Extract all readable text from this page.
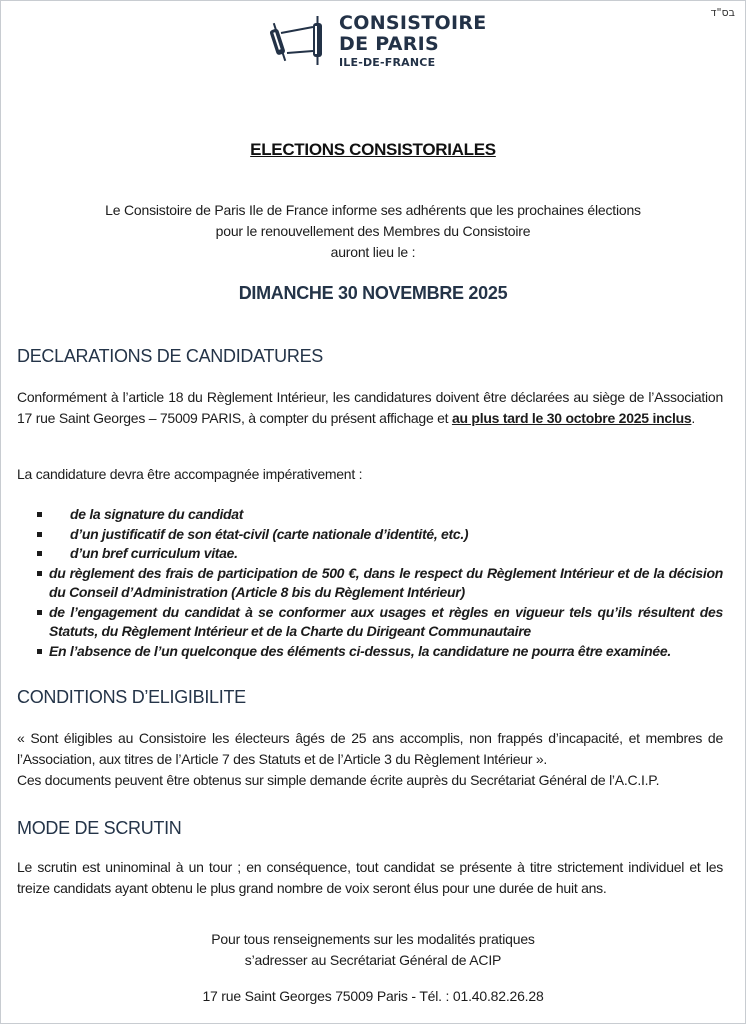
בס"ד
CONSISTOIRE
DE PARIS
ILE-DE-FRANCE
ELECTIONS CONSISTORIALES
Le Consistoire de Paris Ile de France informe ses adhérents que les prochaines élections
pour le renouvellement des Membres du Consistoire
auront lieu le :
DIMANCHE 30 NOVEMBRE 2025
DECLARATIONS DE CANDIDATURES
Conformément à l’article 18 du Règlement Intérieur, les candidatures doivent être déclarées au siège de l’Association 17 rue Saint Georges – 75009 PARIS, à compter du présent affichage et au plus tard le 30 octobre 2025 inclus.
La candidature devra être accompagnée impérativement :
de la signature du candidat
d’un justificatif de son état-civil (carte nationale d’identité, etc.)
d’un bref curriculum vitae.
du règlement des frais de participation de 500 €, dans le respect du Règlement Intérieur et de la décision du Conseil d’Administration (Article 8 bis du Règlement Intérieur)
de l’engagement du candidat à se conformer aux usages et règles en vigueur tels qu’ils résultent des Statuts, du Règlement Intérieur et de la Charte du Dirigeant Communautaire
En l’absence de l’un quelconque des éléments ci-dessus, la candidature ne pourra être examinée.
CONDITIONS D’ELIGIBILITE
« Sont éligibles au Consistoire les électeurs âgés de 25 ans accomplis, non frappés d’incapacité, et membres de l’Association, aux titres de l’Article 7 des Statuts et de l’Article 3 du Règlement Intérieur ».
Ces documents peuvent être obtenus sur simple demande écrite auprès du Secrétariat Général de l’A.C.I.P.
MODE DE SCRUTIN
Le scrutin est uninominal à un tour ; en conséquence, tout candidat se présente à titre strictement individuel et les treize candidats ayant obtenu le plus grand nombre de voix seront élus pour une durée de huit ans.
Pour tous renseignements sur les modalités pratiques
s’adresser au Secrétariat Général de ACIP
17 rue Saint Georges 75009 Paris - Tél. : 01.40.82.26.28
